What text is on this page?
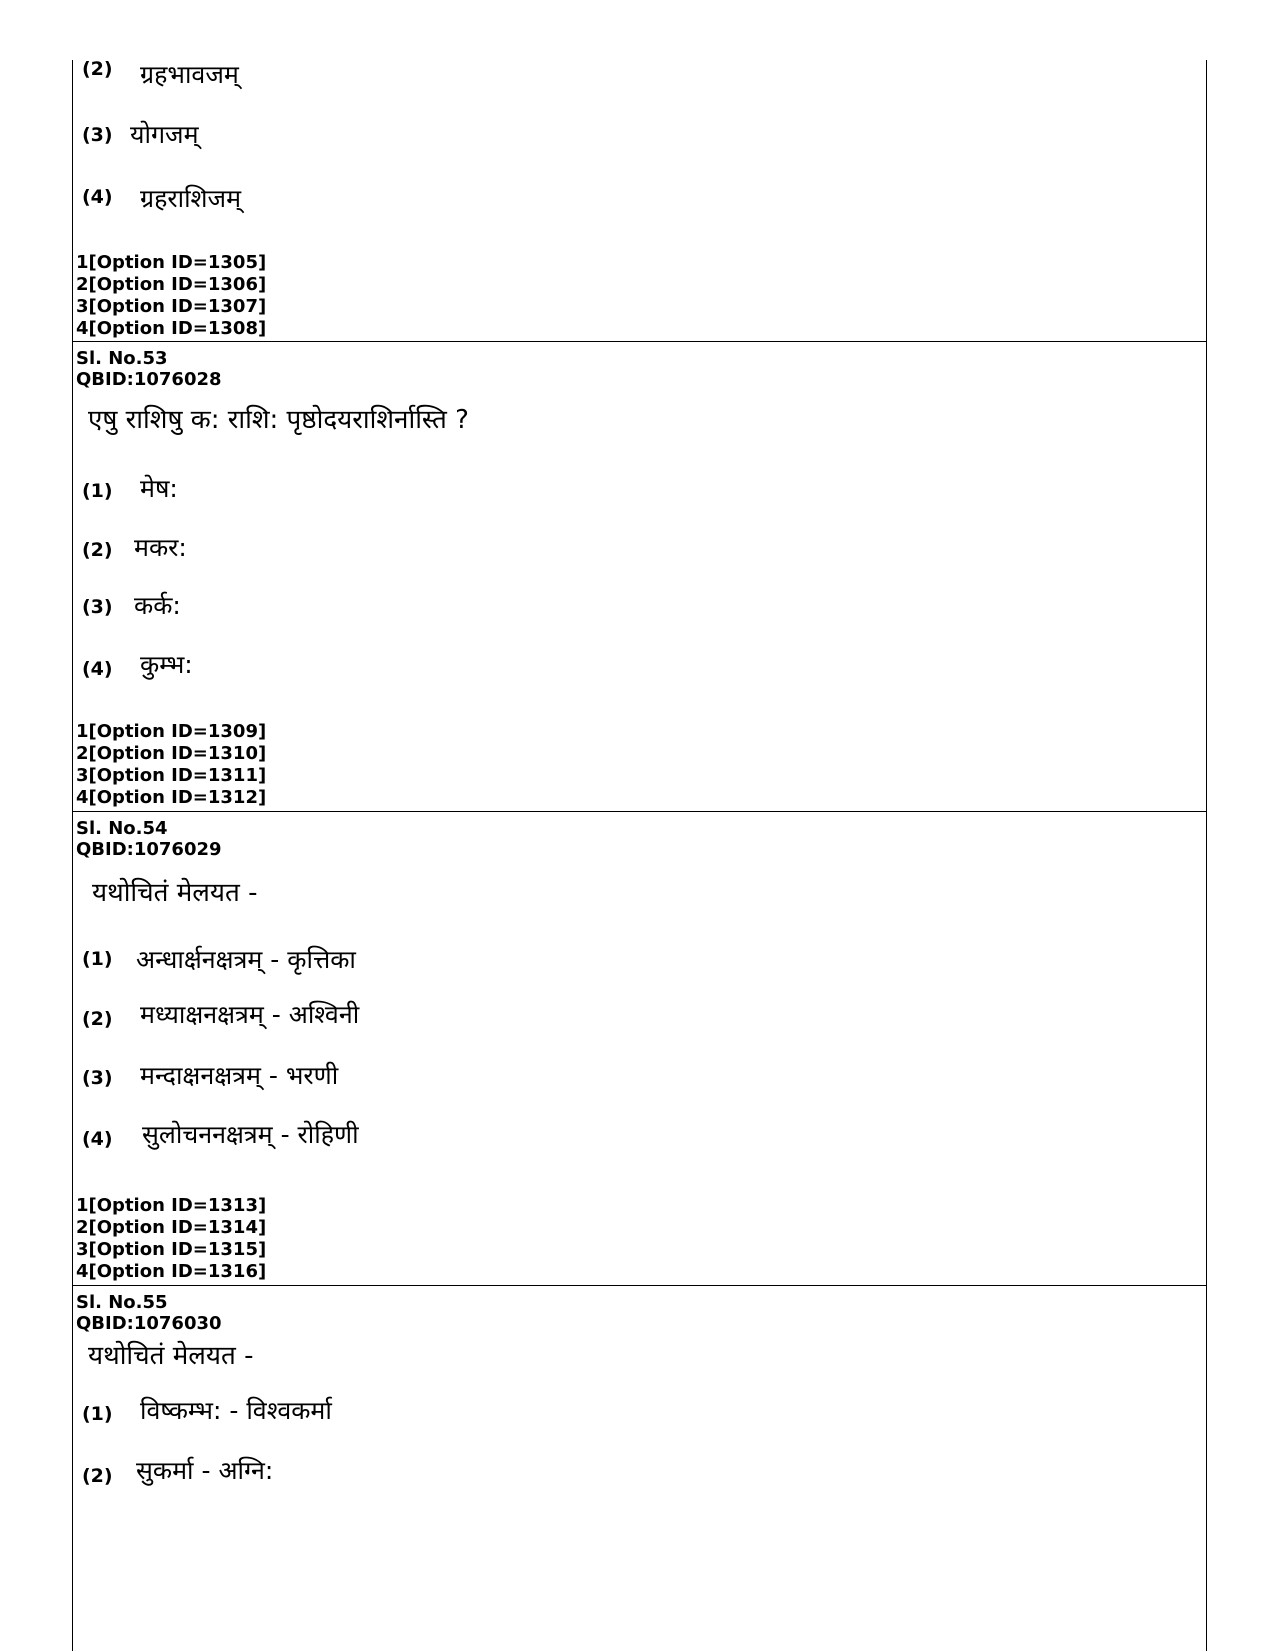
(2) ग्रहभावजम्
(3) योगजम्
(4) ग्रहराशिजम्
1[Option ID=1305]
2[Option ID=1306]
3[Option ID=1307]
4[Option ID=1308]
Sl. No.53
QBID:1076028
एषु राशिषु क: राशि: पृष्ठोदयराशिर्नास्ति ?
(1) मेष:
(2) मकर:
(3) कर्क:
(4) कुम्भ:
1[Option ID=1309]
2[Option ID=1310]
3[Option ID=1311]
4[Option ID=1312]
Sl. No.54
QBID:1076029
यथोचितं मेलयत -
(1) अन्धार्क्षनक्षत्रम् - कृत्तिका
(2) मध्याक्षनक्षत्रम् - अश्विनी
(3) मन्दाक्षनक्षत्रम् - भरणी
(4) सुलोचननक्षत्रम् - रोहिणी
1[Option ID=1313]
2[Option ID=1314]
3[Option ID=1315]
4[Option ID=1316]
Sl. No.55
QBID:1076030
यथोचितं मेलयत -
(1) विष्कम्भ: - विश्वकर्मा
(2) सुकर्मा - अग्नि:
